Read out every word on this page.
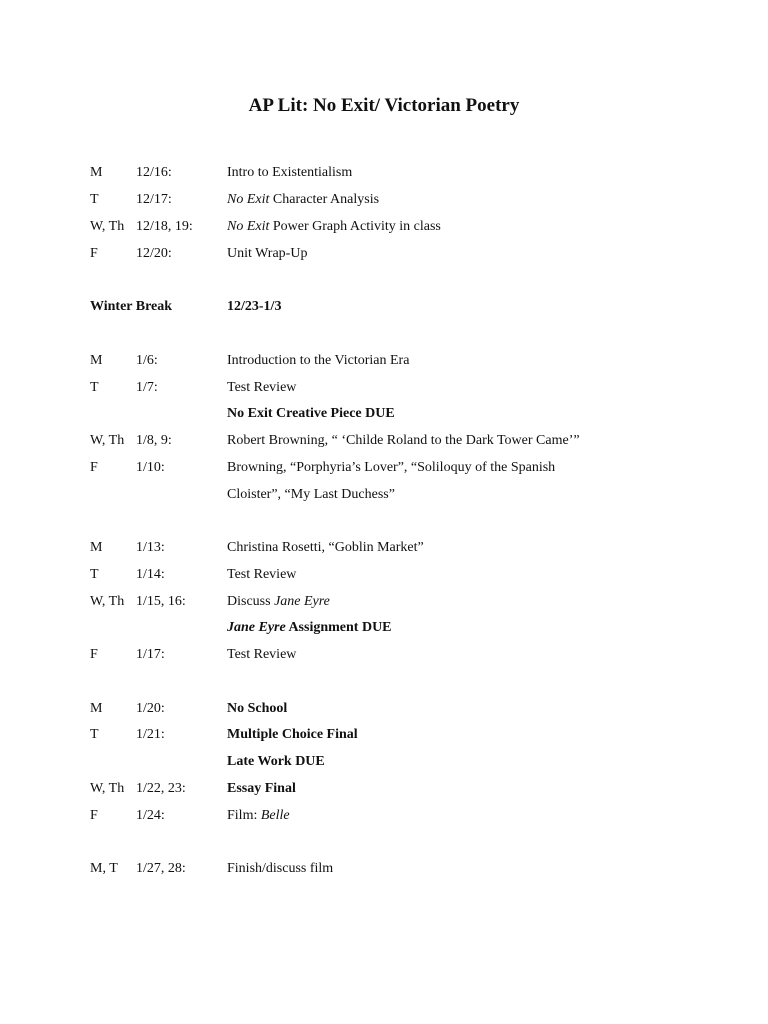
AP Lit: No Exit/ Victorian Poetry
M 12/16:	Intro to Existentialism
T	12/17:	No Exit Character Analysis
W, Th 12/18, 19: No Exit Power Graph Activity in class
F	12/20:	Unit Wrap-Up
Winter Break	12/23-1/3
M 1/6:	Introduction to the Victorian Era
T	1/7:	Test Review
No Exit Creative Piece DUE
W, Th 1/8, 9:	Robert Browning, “ ‘Childe Roland to the Dark Tower Came’”
F	1/10:	Browning, “Porphyria’s Lover”, “Soliloquy of the Spanish
Cloister”, “My Last Duchess”
M 1/13:	Christina Rosetti, “Goblin Market”
T	1/14:	Test Review
W, Th 1/15, 16:	Discuss Jane Eyre
Jane Eyre Assignment DUE
F	1/17:	Test Review
M 1/20:	No School
T	1/21:	Multiple Choice Final
Late Work DUE
W, Th 1/22, 23:	Essay Final
F	1/24:	Film: Belle
M, T 1/27, 28:	Finish/discuss film
